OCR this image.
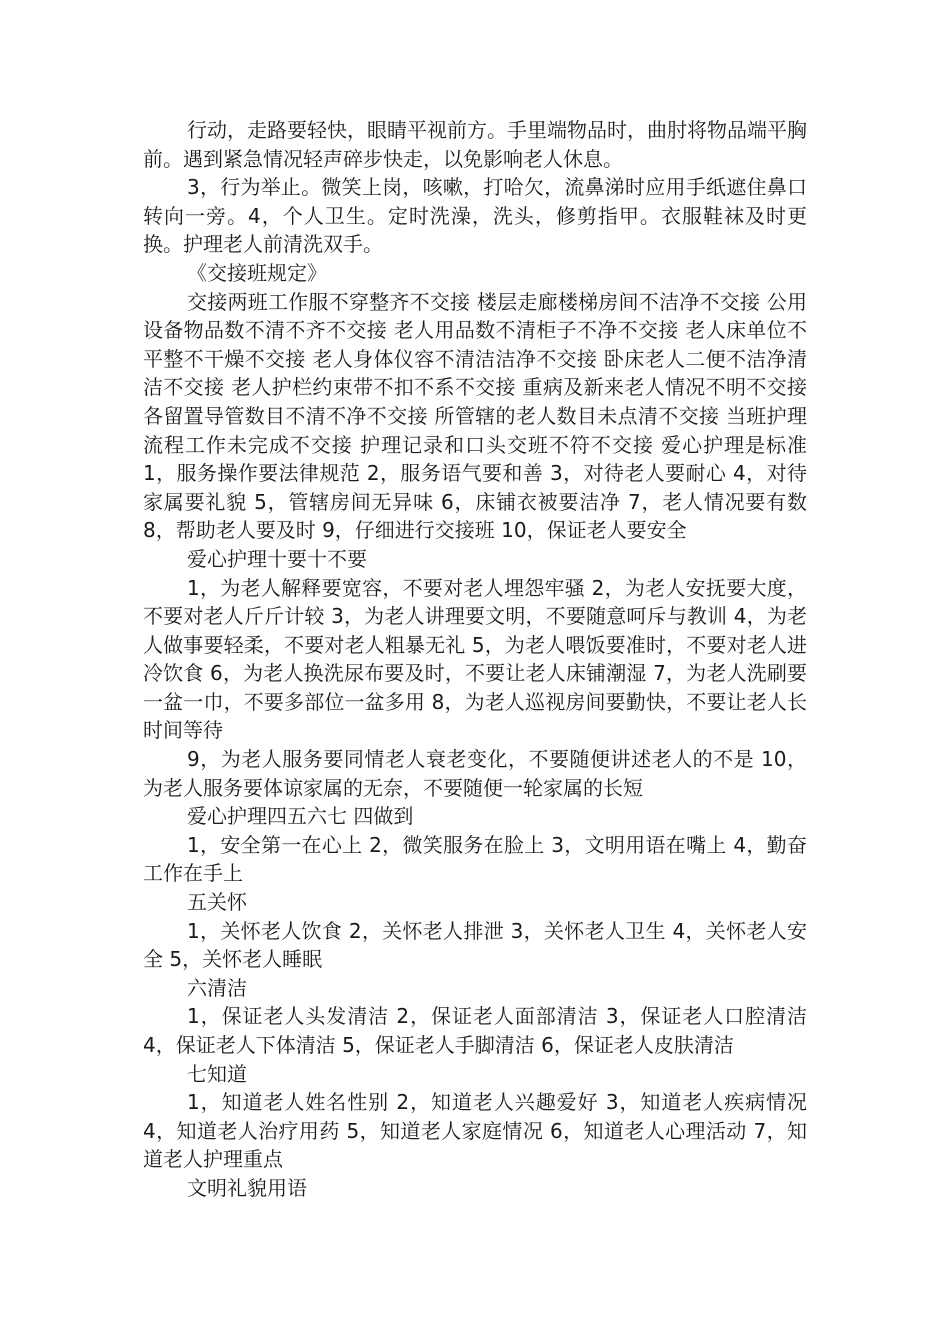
行动，走路要轻快，眼睛平视前方。手里端物品时，曲肘将物品端平胸前。遇到紧急情况轻声碎步快走，以免影响老人休息。

3，行为举止。微笑上岗，咳嗽，打哈欠，流鼻涕时应用手纸遮住鼻口转向一旁。4，个人卫生。定时洗澡，洗头，修剪指甲。衣服鞋袜及时更换。护理老人前清洗双手。

《交接班规定》

交接两班工作服不穿整齐不交接 楼层走廊楼梯房间不洁净不交接 公用设备物品数不清不齐不交接 老人用品数不清柜子不净不交接 老人床单位不平整不干燥不交接 老人身体仪容不清洁洁净不交接 卧床老人二便不洁净清洁不交接 老人护栏约束带不扣不系不交接 重病及新来老人情况不明不交接 各留置导管数目不清不净不交接 所管辖的老人数目未点清不交接 当班护理流程工作未完成不交接 护理记录和口头交班不符不交接 爱心护理是标准 1，服务操作要法律规范 2，服务语气要和善 3，对待老人要耐心 4，对待家属要礼貌 5，管辖房间无异味 6，床铺衣被要洁净 7，老人情况要有数 8，帮助老人要及时 9，仔细进行交接班 10，保证老人要安全

爱心护理十要十不要

1，为老人解释要宽容，不要对老人埋怨牢骚 2，为老人安抚要大度，不要对老人斤斤计较 3，为老人讲理要文明，不要随意呵斥与教训 4，为老人做事要轻柔，不要对老人粗暴无礼 5，为老人喂饭要准时，不要对老人进冷饮食 6，为老人换洗尿布要及时，不要让老人床铺潮湿 7，为老人洗刷要一盆一巾，不要多部位一盆多用 8，为老人巡视房间要勤快，不要让老人长时间等待

9，为老人服务要同情老人衰老变化，不要随便讲述老人的不是 10，为老人服务要体谅家属的无奈，不要随便一轮家属的长短

爱心护理四五六七 四做到

1，安全第一在心上 2，微笑服务在脸上 3，文明用语在嘴上 4，勤奋工作在手上

五关怀

1，关怀老人饮食 2，关怀老人排泄 3，关怀老人卫生 4，关怀老人安全 5，关怀老人睡眠

六清洁

1，保证老人头发清洁 2，保证老人面部清洁 3，保证老人口腔清洁 4，保证老人下体清洁 5，保证老人手脚清洁 6，保证老人皮肤清洁

七知道

1，知道老人姓名性别 2，知道老人兴趣爱好 3，知道老人疾病情况 4，知道老人治疗用药 5，知道老人家庭情况 6，知道老人心理活动 7，知道老人护理重点

文明礼貌用语
